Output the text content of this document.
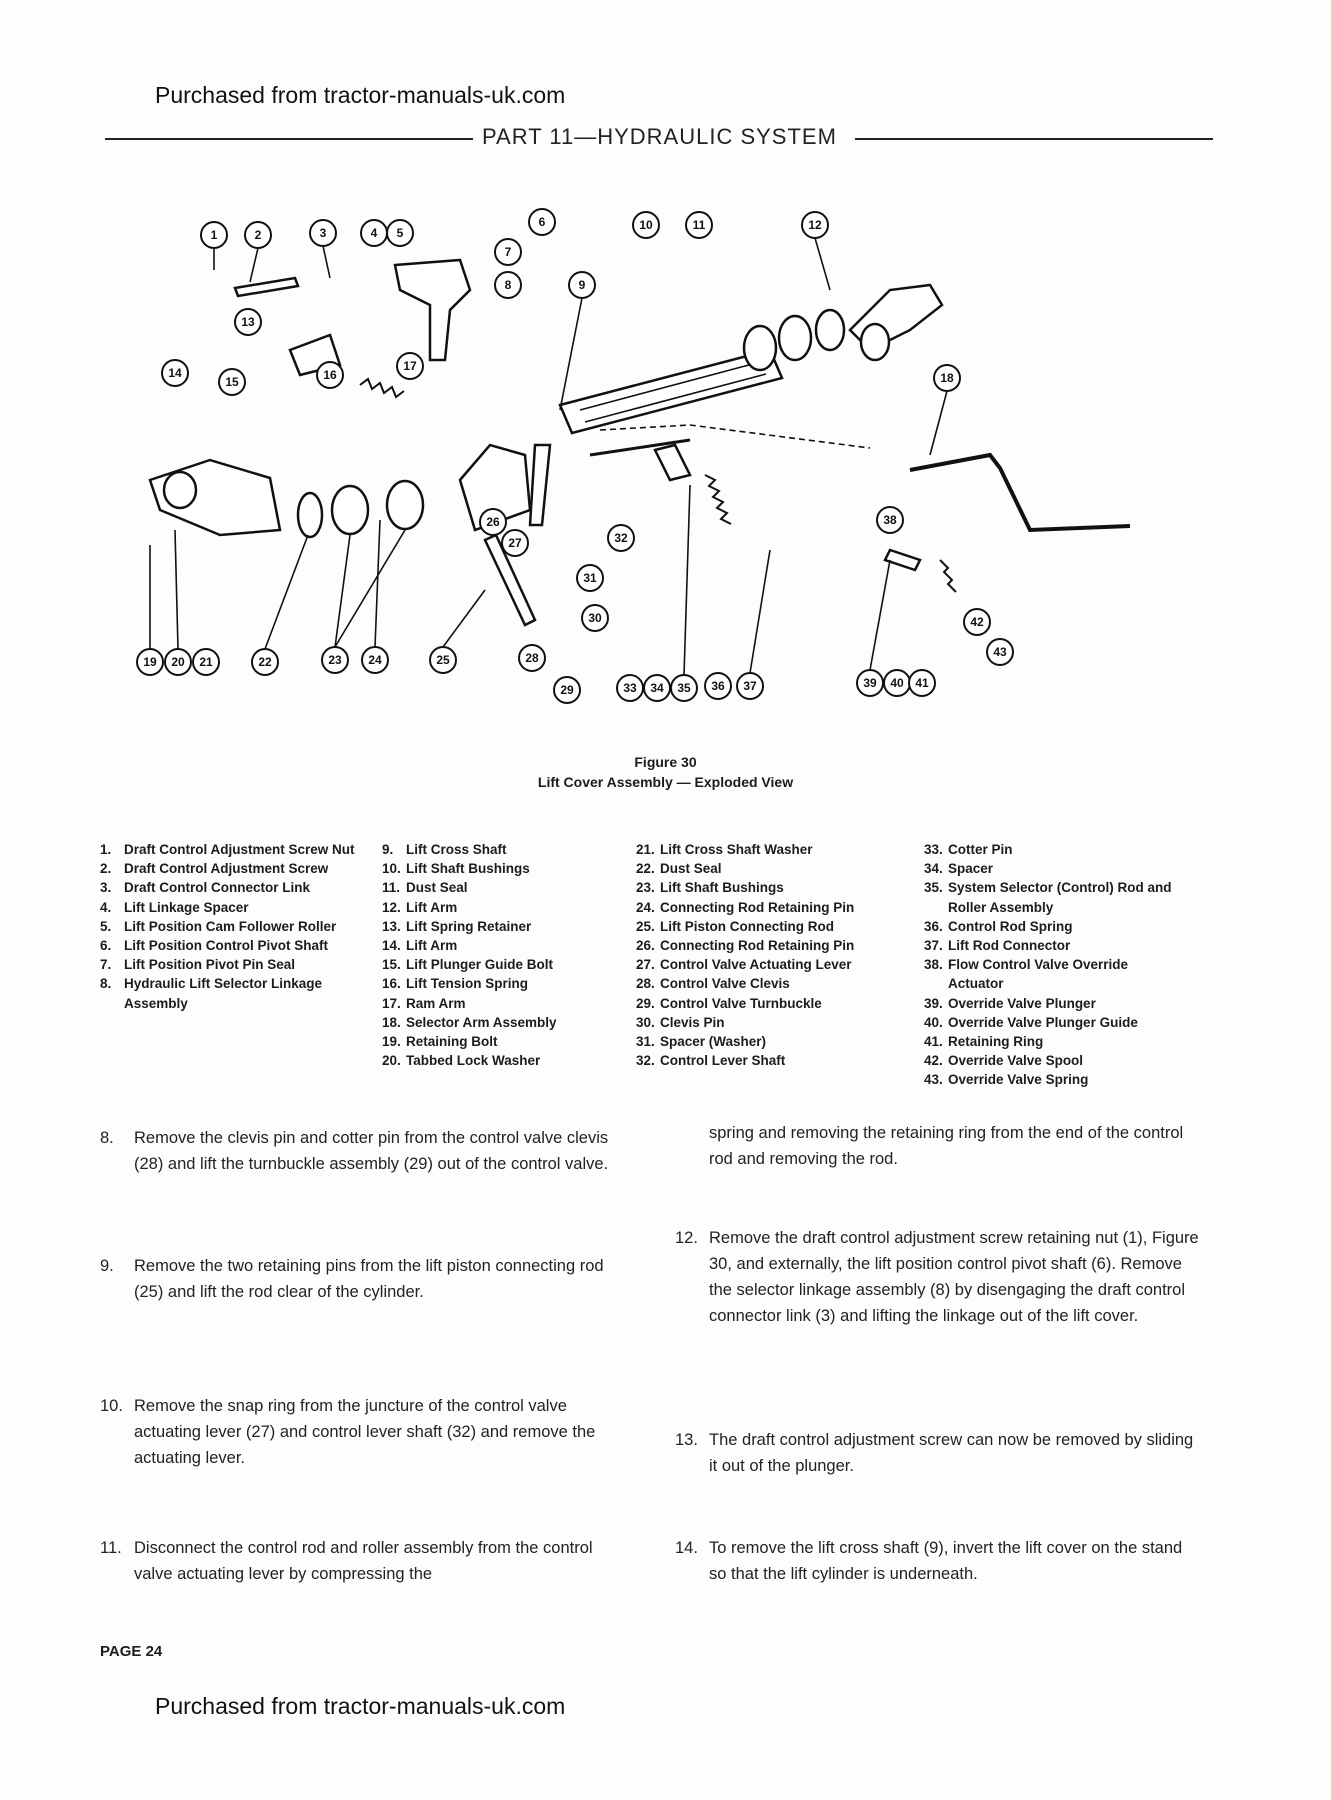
Purchased from tractor-manuals-uk.com
Purchased from tractor-manuals-uk.com
PART 11—HYDRAULIC SYSTEM
1	2	3	4 5
6
7
8	9
10	11	12
13
14
15	16
17
18
19 20 21	22	23 24	25
26
27
28
29
30
31
32
33 34 35 36 37
38
39 40 41
42
43
Figure 30
Lift Cover Assembly — Exploded View
1. Draft Control Adjustment Screw Nut
2. Draft Control Adjustment Screw
3. Draft Control Connector Link
4. Lift Linkage Spacer
5. Lift Position Cam Follower Roller
6. Lift Position Control Pivot Shaft
7. Lift Position Pivot Pin Seal
8. Hydraulic Lift Selector Linkage Assembly
9. Lift Cross Shaft
10. Lift Shaft Bushings
11. Dust Seal
12. Lift Arm
13. Lift Spring Retainer
14. Lift Arm
15. Lift Plunger Guide Bolt
16. Lift Tension Spring
17. Ram Arm
18. Selector Arm Assembly
19. Retaining Bolt
20. Tabbed Lock Washer
21. Lift Cross Shaft Washer
22. Dust Seal
23. Lift Shaft Bushings
24. Connecting Rod Retaining Pin
25. Lift Piston Connecting Rod
26. Connecting Rod Retaining Pin
27. Control Valve Actuating Lever
28. Control Valve Clevis
29. Control Valve Turnbuckle
30. Clevis Pin
31. Spacer (Washer)
32. Control Lever Shaft
33. Cotter Pin
34. Spacer
35. System Selector (Control) Rod and Roller Assembly
36. Control Rod Spring
37. Lift Rod Connector
38. Flow Control Valve Override Actuator
39. Override Valve Plunger
40. Override Valve Plunger Guide
41. Retaining Ring
42. Override Valve Spool
43. Override Valve Spring
8. Remove the clevis pin and cotter pin from the control valve clevis (28) and lift the turnbuckle assembly (29) out of the control valve.
9. Remove the two retaining pins from the lift piston connecting rod (25) and lift the rod clear of the cylinder.
10. Remove the snap ring from the juncture of the control valve actuating lever (27) and control lever shaft (32) and remove the actuating lever.
11. Disconnect the control rod and roller assembly from the control valve actuating lever by compressing the
spring and removing the retaining ring from the end of the control rod and removing the rod.
12. Remove the draft control adjustment screw retaining nut (1), Figure 30, and externally, the lift position control pivot shaft (6). Remove the selector linkage assembly (8) by disengaging the draft control connector link (3) and lifting the linkage out of the lift cover.
13. The draft control adjustment screw can now be removed by sliding it out of the plunger.
14. To remove the lift cross shaft (9), invert the lift cover on the stand so that the lift cylinder is underneath.
PAGE 24
